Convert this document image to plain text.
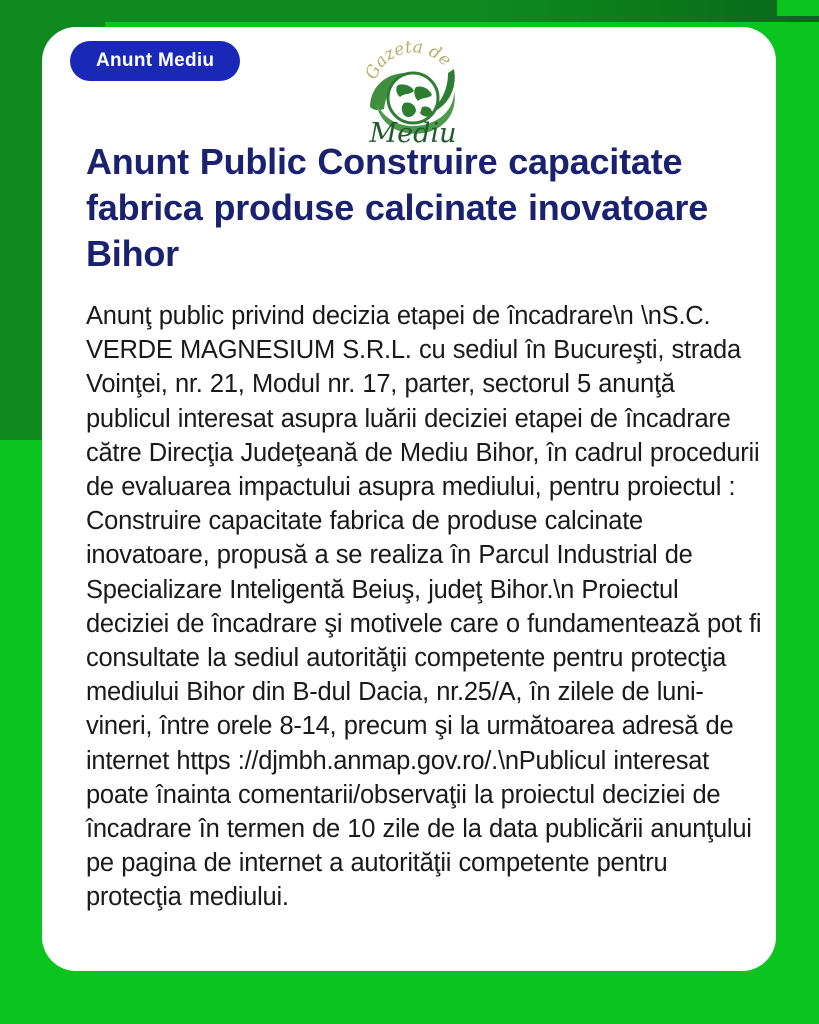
Anunt Mediu
Gazeta de
Mediu
Anunt Public Construire capacitate fabrica produse calcinate inovatoare Bihor

Anunţ public privind decizia etapei de încadrare\n \nS.C. VERDE MAGNESIUM S.R.L. cu sediul în Bucureşti, strada Voinţei, nr. 21, Modul nr. 17, parter, sectorul 5 anunţă publicul interesat asupra luării deciziei etapei de încadrare către Direcţia Judeţeană de Mediu Bihor, în cadrul procedurii de evaluarea impactului asupra mediului, pentru proiectul : Construire capacitate fabrica de produse calcinate inovatoare, propusă a se realiza în Parcul Industrial de Specializare Inteligentă Beiuş, judeţ Bihor.\n Proiectul deciziei de încadrare şi motivele care o fundamentează pot fi consultate la sediul autorităţii competente pentru protecţia mediului Bihor din B-dul Dacia, nr.25/A, în zilele de luni-vineri, între orele 8-14, precum şi la următoarea adresă de internet https ://djmbh.anmap.gov.ro/.\nPublicul interesat poate înainta comentarii/observaţii la proiectul deciziei de încadrare în termen de 10 zile de la data publicării anunţului pe pagina de internet a autorităţii competente pentru protecţia mediului.
